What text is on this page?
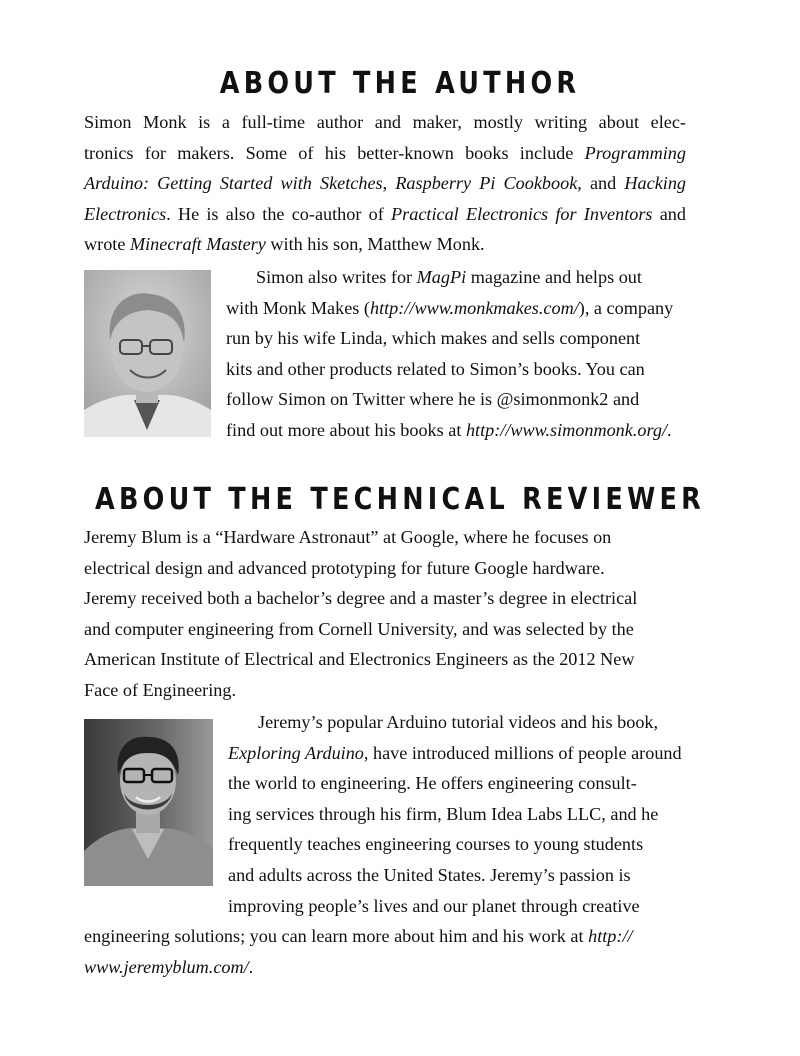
ABOUT THE AUTHOR
Simon Monk is a full-time author and maker, mostly writing about elec-
tronics for makers. Some of his better-known books include Programming
Arduino: Getting Started with Sketches, Raspberry Pi Cookbook, and Hacking
Electronics. He is also the co-author of Practical Electronics for Inventors and
wrote Minecraft Mastery with his son, Matthew Monk.
Simon also writes for MagPi magazine and helps out
with Monk Makes (http://www.monkmakes.com/), a company
run by his wife Linda, which makes and sells component
kits and other products related to Simon’s books. You can
follow Simon on Twitter where he is @simonmonk2 and
find out more about his books at http://www.simonmonk.org/.
ABOUT THE TECHNICAL REVIEWER
Jeremy Blum is a “Hardware Astronaut” at Google, where he focuses on
electrical design and advanced prototyping for future Google hardware.
Jeremy received both a bachelor’s degree and a master’s degree in electrical
and computer engineering from Cornell University, and was selected by the
American Institute of Electrical and Electronics Engineers as the 2012 New
Face of Engineering.
Jeremy’s popular Arduino tutorial videos and his book,
Exploring Arduino, have introduced millions of people around
the world to engineering. He offers engineering consult-
ing services through his firm, Blum Idea Labs LLC, and he
frequently teaches engineering courses to young students
and adults across the United States. Jeremy’s passion is
improving people’s lives and our planet through creative
engineering solutions; you can learn more about him and his work at http://
www.jeremyblum.com/.
